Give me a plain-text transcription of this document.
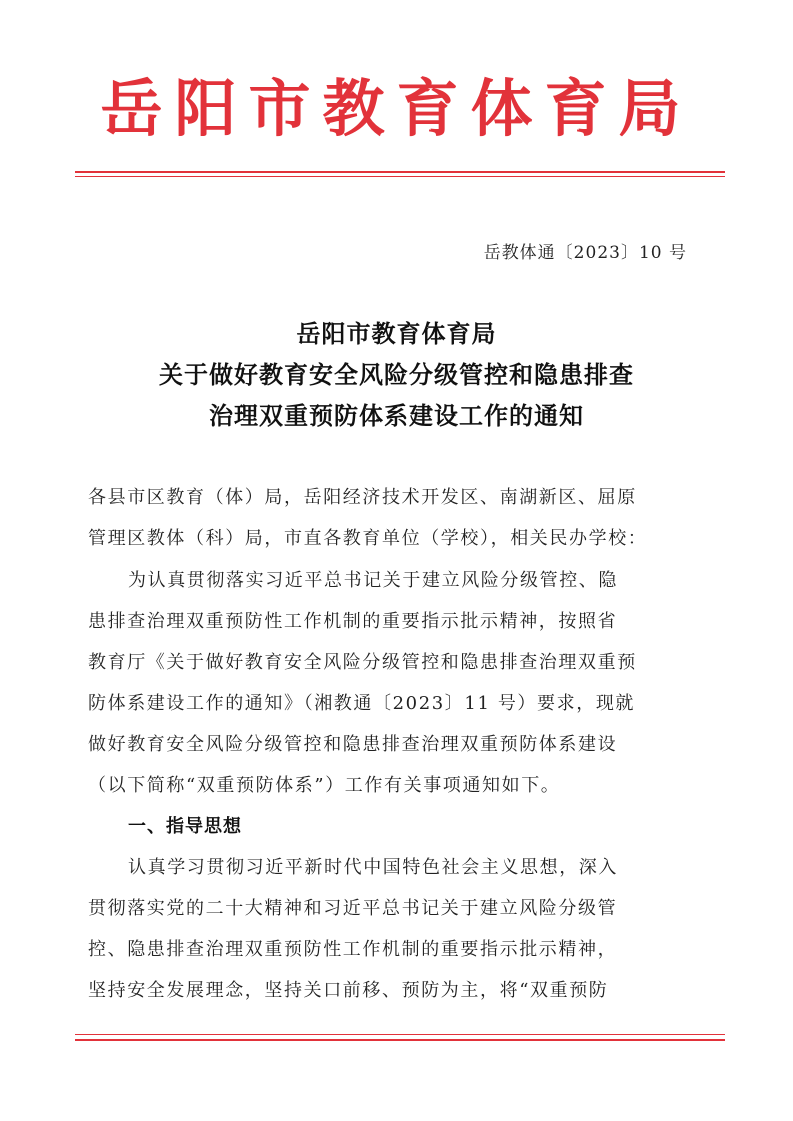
岳阳市教育体育局
岳教体通〔2023〕10 号
岳阳市教育体育局
关于做好教育安全风险分级管控和隐患排查
治理双重预防体系建设工作的通知
各县市区教育（体）局，岳阳经济技术开发区、南湖新区、屈原
管理区教体（科）局，市直各教育单位（学校），相关民办学校：
为认真贯彻落实习近平总书记关于建立风险分级管控、隐
患排查治理双重预防性工作机制的重要指示批示精神，按照省
教育厅《关于做好教育安全风险分级管控和隐患排查治理双重预
防体系建设工作的通知》（湘教通〔2023〕11 号）要求，现就
做好教育安全风险分级管控和隐患排查治理双重预防体系建设
（以下简称“双重预防体系”）工作有关事项通知如下。
一、指导思想
认真学习贯彻习近平新时代中国特色社会主义思想，深入
贯彻落实党的二十大精神和习近平总书记关于建立风险分级管
控、隐患排查治理双重预防性工作机制的重要指示批示精神，
坚持安全发展理念，坚持关口前移、预防为主，将“双重预防
